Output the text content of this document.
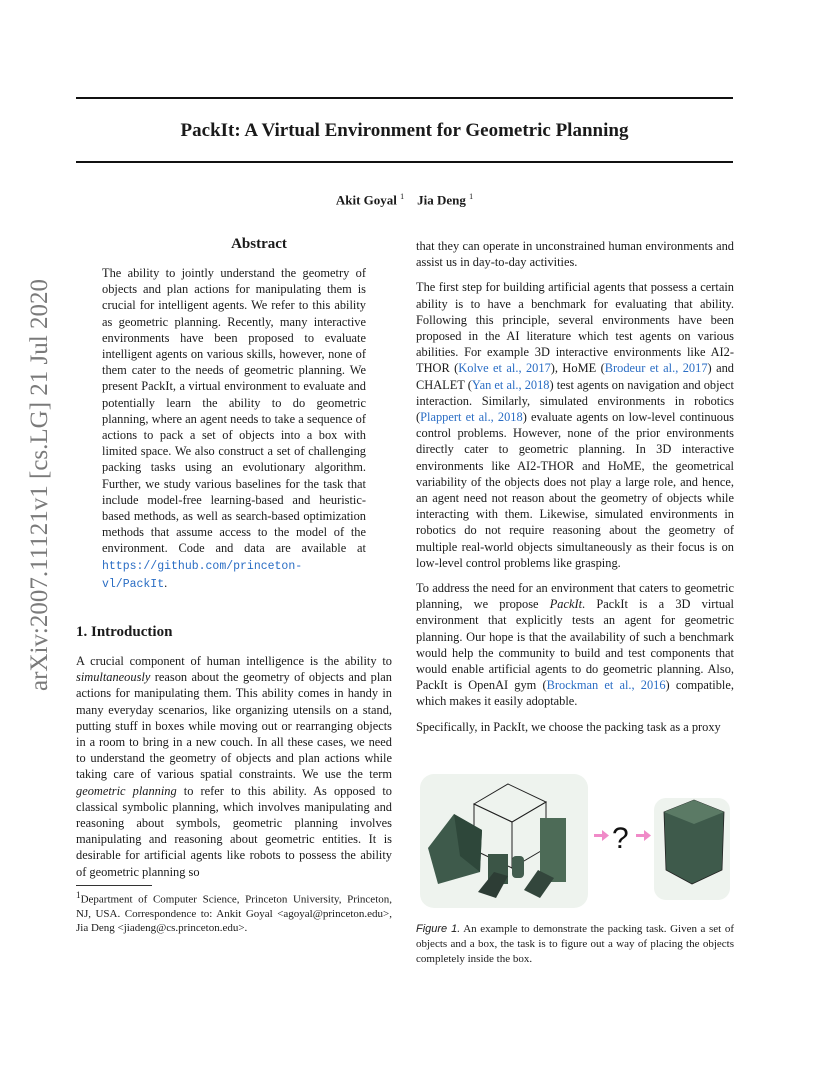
PackIt: A Virtual Environment for Geometric Planning
Akit Goyal $^1$ Jia Deng $^1$
arXiv:2007.11121v1 [cs.LG] 21 Jul 2020
Abstract
The ability to jointly understand the geometry of objects and plan actions for manipulating them is crucial for intelligent agents. We refer to this ability as geometric planning. Recently, many interactive environments have been proposed to evaluate intelligent agents on various skills, however, none of them cater to the needs of geometric planning. We present PackIt, a virtual environment to evaluate and potentially learn the ability to do geometric planning, where an agent needs to take a sequence of actions to pack a set of objects into a box with limited space. We also construct a set of challenging packing tasks using an evolutionary algorithm. Further, we study various baselines for the task that include model-free learning-based and heuristic-based methods, as well as search-based optimization methods that assume access to the model of the environment. Code and data are available at https://github.com/princeton-vl/PackIt.
1. Introduction
A crucial component of human intelligence is the ability to simultaneously reason about the geometry of objects and plan actions for manipulating them. This ability comes in handy in many everyday scenarios, like organizing utensils on a stand, putting stuff in boxes while moving out or rearranging objects in a room to bring in a new couch. In all these cases, we need to understand the geometry of objects and plan actions while taking care of various spatial constraints. We use the term geometric planning to refer to this ability. As opposed to classical symbolic planning, which involves manipulating and reasoning about symbols, geometric planning involves manipulating and reasoning about geometric entities. It is desirable for artificial agents like robots to possess the ability of geometric planning so
$^1$Department of Computer Science, Princeton University, Princeton, NJ, USA. Correspondence to: Ankit Goyal <agoyal@princeton.edu>, Jia Deng <jiadeng@cs.princeton.edu>.

that they can operate in unconstrained human environments and assist us in day-to-day activities.

The first step for building artificial agents that possess a certain ability is to have a benchmark for evaluating that ability. Following this principle, several environments have been proposed in the AI literature which test agents on various abilities. For example 3D interactive environments like AI2-THOR (Kolve et al., 2017), HoME (Brodeur et al., 2017) and CHALET (Yan et al., 2018) test agents on navigation and object interaction. Similarly, simulated environments in robotics (Plappert et al., 2018) evaluate agents on low-level continuous control problems. However, none of the prior environments directly cater to geometric planning. In 3D interactive environments like AI2-THOR and HoME, the geometrical variability of the objects does not play a large role, and hence, an agent need not reason about the geometry of objects while interacting with them. Likewise, simulated environments in robotics do not require reasoning about the geometry of multiple real-world objects simultaneously as their focus is on low-level control problems like grasping.

To address the need for an environment that caters to geometric planning, we propose PackIt. PackIt is a 3D virtual environment that explicitly tests an agent for geometric planning. Our hope is that the availability of such a benchmark would help the community to build and test components that would enable artificial agents to do geometric planning. Also, PackIt is OpenAI gym (Brockman et al., 2016) compatible, which makes it easily adoptable.

Specifically, in PackIt, we choose the packing task as a proxy

?
Figure 1. An example to demonstrate the packing task. Given a set of objects and a box, the task is to figure out a way of placing the objects completely inside the box.
